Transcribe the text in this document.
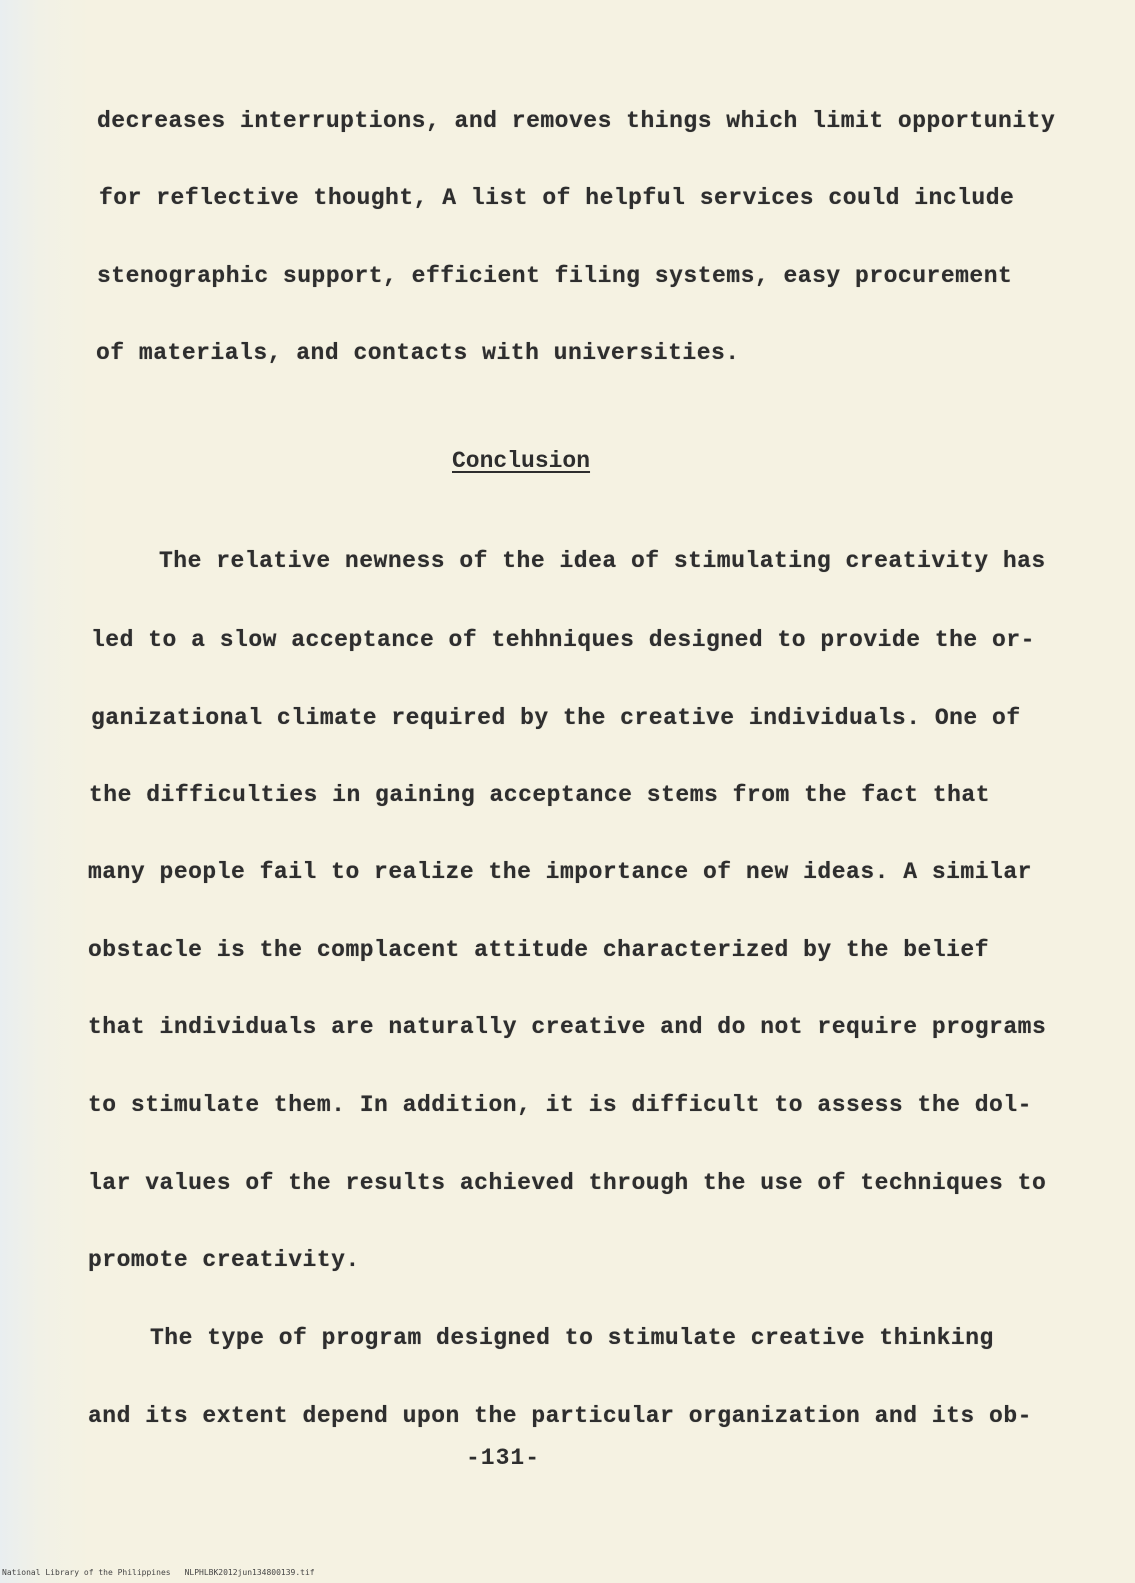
decreases interruptions, and removes things which limit opportunity
for reflective thought, A list of helpful services could include
stenographic support, efficient filing systems, easy procurement
of materials, and contacts with universities.
Conclusion
The relative newness of the idea of stimulating creativity has
led to a slow acceptance of tehhniques designed to provide the or-
ganizational climate required by the creative individuals. One of
the difficulties in gaining acceptance stems from the fact that
many people fail to realize the importance of new ideas. A similar
obstacle is the complacent attitude characterized by the belief
that individuals are naturally creative and do not require programs
to stimulate them. In addition, it is difficult to assess the dol-
lar values of the results achieved through the use of techniques to
promote creativity.
The type of program designed to stimulate creative thinking
and its extent depend upon the particular organization and its ob-
-131-
National Library of the Philippines NLPHLBK2012jun134800139.tif
